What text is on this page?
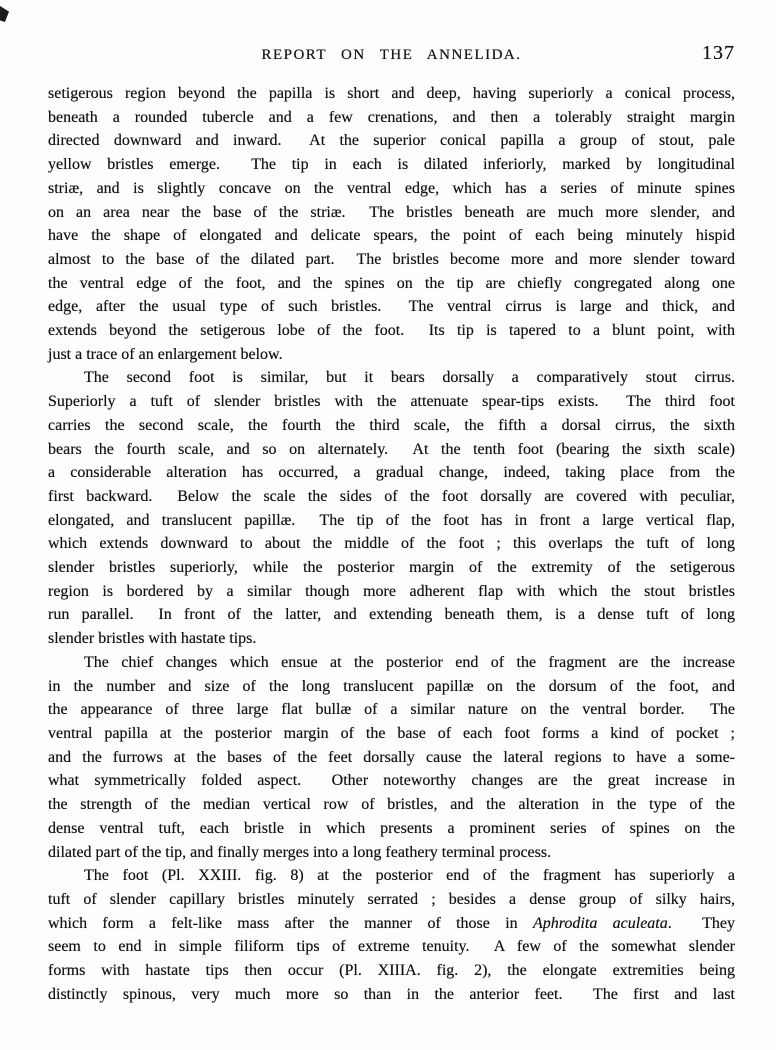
REPORT ON THE ANNELIDA.	137
setigerous region beyond the papilla is short and deep, having superiorly a conical process,
beneath a rounded tubercle and a few crenations, and then a tolerably straight margin
directed downward and inward.  At the superior conical papilla a group of stout, pale
yellow bristles emerge.  The tip in each is dilated inferiorly, marked by longitudinal
striæ, and is slightly concave on the ventral edge, which has a series of minute spines
on an area near the base of the striæ.  The bristles beneath are much more slender, and
have the shape of elongated and delicate spears, the point of each being minutely hispid
almost to the base of the dilated part.  The bristles become more and more slender toward
the ventral edge of the foot, and the spines on the tip are chiefly congregated along one
edge, after the usual type of such bristles.  The ventral cirrus is large and thick, and
extends beyond the setigerous lobe of the foot.  Its tip is tapered to a blunt point, with
just a trace of an enlargement below.
The second foot is similar, but it bears dorsally a comparatively stout cirrus.
Superiorly a tuft of slender bristles with the attenuate spear-tips exists.  The third foot
carries the second scale, the fourth the third scale, the fifth a dorsal cirrus, the sixth
bears the fourth scale, and so on alternately.  At the tenth foot (bearing the sixth scale)
a considerable alteration has occurred, a gradual change, indeed, taking place from the
first backward.  Below the scale the sides of the foot dorsally are covered with peculiar,
elongated, and translucent papillæ.  The tip of the foot has in front a large vertical flap,
which extends downward to about the middle of the foot ; this overlaps the tuft of long
slender bristles superiorly, while the posterior margin of the extremity of the setigerous
region is bordered by a similar though more adherent flap with which the stout bristles
run parallel.  In front of the latter, and extending beneath them, is a dense tuft of long
slender bristles with hastate tips.
The chief changes which ensue at the posterior end of the fragment are the increase
in the number and size of the long translucent papillæ on the dorsum of the foot, and
the appearance of three large flat bullæ of a similar nature on the ventral border.  The
ventral papilla at the posterior margin of the base of each foot forms a kind of pocket ;
and the furrows at the bases of the feet dorsally cause the lateral regions to have a some-
what symmetrically folded aspect.  Other noteworthy changes are the great increase in
the strength of the median vertical row of bristles, and the alteration in the type of the
dense ventral tuft, each bristle in which presents a prominent series of spines on the
dilated part of the tip, and finally merges into a long feathery terminal process.
The foot (Pl. XXIII. fig. 8) at the posterior end of the fragment has superiorly a
tuft of slender capillary bristles minutely serrated ; besides a dense group of silky hairs,
which form a felt-like mass after the manner of those in Aphrodita aculeata.  They
seem to end in simple filiform tips of extreme tenuity.  A few of the somewhat slender
forms with hastate tips then occur (Pl. XIIIA. fig. 2), the elongate extremities being
distinctly spinous, very much more so than in the anterior feet.  The first and last
